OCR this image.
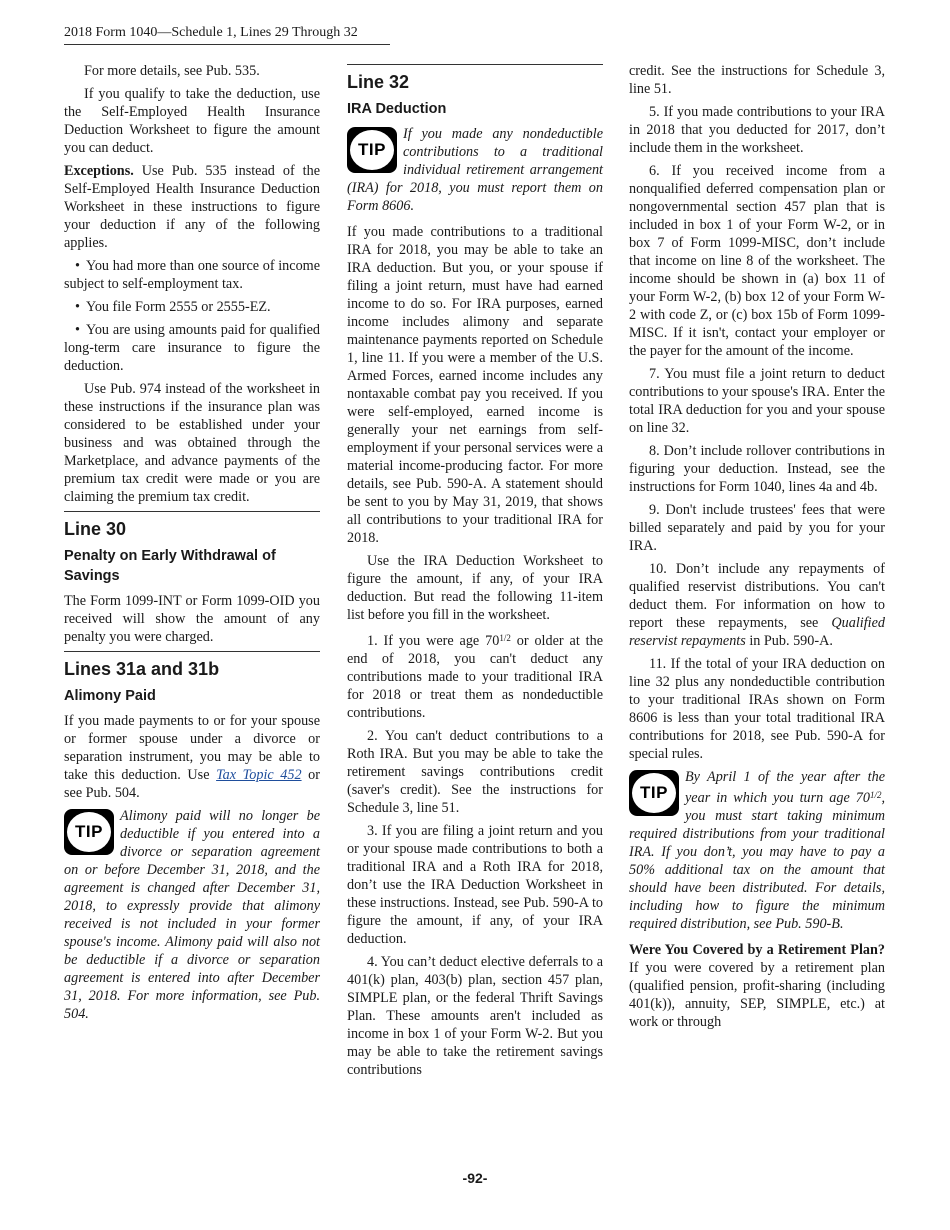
2018 Form 1040—Schedule 1, Lines 29 Through 32

For more details, see Pub. 535.

If you qualify to take the deduction, use the Self-Employed Health Insurance Deduction Worksheet to figure the amount you can deduct.

Exceptions. Use Pub. 535 instead of the Self-Employed Health Insurance Deduction Worksheet in these instructions to figure your deduction if any of the following applies.

• You had more than one source of income subject to self-employment tax.

• You file Form 2555 or 2555-EZ.

• You are using amounts paid for qualified long-term care insurance to figure the deduction.

Use Pub. 974 instead of the worksheet in these instructions if the insurance plan was considered to be established under your business and was obtained through the Marketplace, and advance payments of the premium tax credit were made or you are claiming the premium tax credit.

Line 30
Penalty on Early Withdrawal of Savings

The Form 1099-INT or Form 1099-OID you received will show the amount of any penalty you were charged.

Lines 31a and 31b
Alimony Paid

If you made payments to or for your spouse or former spouse under a divorce or separation instrument, you may be able to take this deduction. Use Tax Topic 452 or see Pub. 504.

TIP
Alimony paid will no longer be deductible if you entered into a divorce or separation agreement on or before December 31, 2018, and the agreement is changed after December 31, 2018, to expressly provide that alimony received is not included in your former spouse's income. Alimony paid will also not be deductible if a divorce or separation agreement is entered into after December 31, 2018. For more information, see Pub. 504.
Line 32
IRA Deduction
TIP
If you made any nondeductible contributions to a traditional individual retirement arrangement (IRA) for 2018, you must report them on Form 8606.

If you made contributions to a traditional IRA for 2018, you may be able to take an IRA deduction. But you, or your spouse if filing a joint return, must have had earned income to do so. For IRA purposes, earned income includes alimony and separate maintenance payments reported on Schedule 1, line 11. If you were a member of the U.S. Armed Forces, earned income includes any nontaxable combat pay you received. If you were self-employed, earned income is generally your net earnings from self-employment if your personal services were a material income-producing factor. For more details, see Pub. 590-A. A statement should be sent to you by May 31, 2019, that shows all contributions to your traditional IRA for 2018.

Use the IRA Deduction Worksheet to figure the amount, if any, of your IRA deduction. But read the following 11-item list before you fill in the worksheet.

1. If you were age $70^{1/2}$ or older at the end of 2018, you can't deduct any contributions made to your traditional IRA for 2018 or treat them as nondeductible contributions.

2. You can't deduct contributions to a Roth IRA. But you may be able to take the retirement savings contributions credit (saver's credit). See the instructions for Schedule 3, line 51.

3. If you are filing a joint return and you or your spouse made contributions to both a traditional IRA and a Roth IRA for 2018, don’t use the IRA Deduction Worksheet in these instructions. Instead, see Pub. 590-A to figure the amount, if any, of your IRA deduction.

4. You can’t deduct elective deferrals to a 401(k) plan, 403(b) plan, section 457 plan, SIMPLE plan, or the federal Thrift Savings Plan. These amounts aren't included as income in box 1 of your Form W-2. But you may be able to take the retirement savings contributions

credit. See the instructions for Schedule 3, line 51.

5. If you made contributions to your IRA in 2018 that you deducted for 2017, don’t include them in the worksheet.

6. If you received income from a nonqualified deferred compensation plan or nongovernmental section 457 plan that is included in box 1 of your Form W-2, or in box 7 of Form 1099-MISC, don’t include that income on line 8 of the worksheet. The income should be shown in (a) box 11 of your Form W-2, (b) box 12 of your Form W-2 with code Z, or (c) box 15b of Form 1099-MISC. If it isn't, contact your employer or the payer for the amount of the income.

7. You must file a joint return to deduct contributions to your spouse's IRA. Enter the total IRA deduction for you and your spouse on line 32.

8. Don’t include rollover contributions in figuring your deduction. Instead, see the instructions for Form 1040, lines 4a and 4b.

9. Don't include trustees' fees that were billed separately and paid by you for your IRA.

10. Don’t include any repayments of qualified reservist distributions. You can't deduct them. For information on how to report these repayments, see Qualified reservist repayments in Pub. 590-A.

11. If the total of your IRA deduction on line 32 plus any nondeductible contribution to your traditional IRAs shown on Form 8606 is less than your total traditional IRA contributions for 2018, see Pub. 590-A for special rules.

TIP
By April 1 of the year after the year in which you turn age $70^{1/2}$, you must start taking minimum required distributions from your traditional IRA. If you don’t, you may have to pay a 50% additional tax on the amount that should have been distributed. For details, including how to figure the minimum required distribution, see Pub. 590-B.

Were You Covered by a Retirement Plan? If you were covered by a retirement plan (qualified pension, profit-sharing (including 401(k)), annuity, SEP, SIMPLE, etc.) at work or through

-92-
